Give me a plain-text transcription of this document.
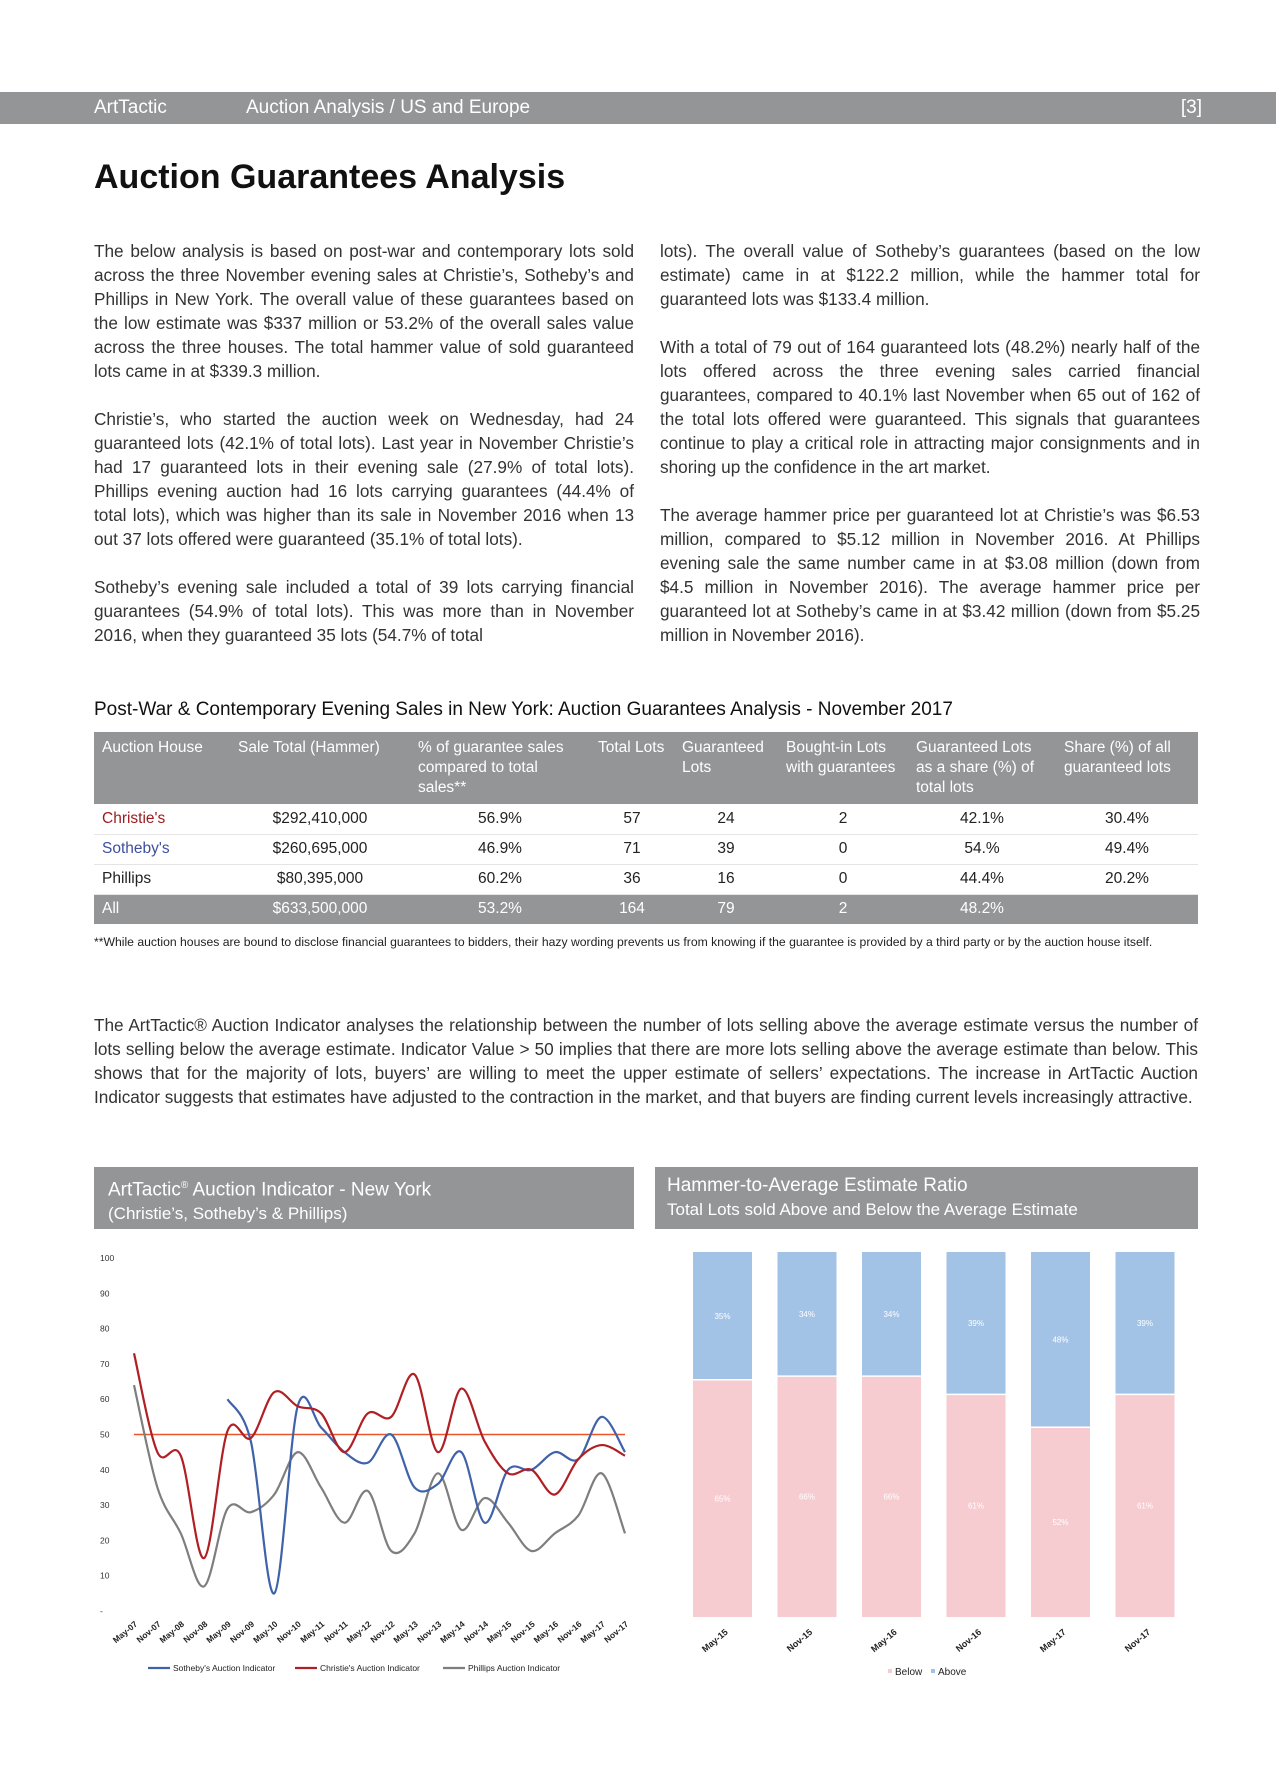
ArtTactic	Auction Analysis / US and Europe	[3]
Auction Guarantees Analysis

The below analysis is based on post-war and contemporary lots sold across the three November evening sales at Christie’s, Sotheby’s and Phillips in New York. The overall value of these guarantees based on the low estimate was $337 million or 53.2% of the overall sales value across the three houses. The total hammer value of sold guaranteed lots came in at $339.3 million.

Christie’s, who started the auction week on Wednesday, had 24 guaranteed lots (42.1% of total lots). Last year in November Christie’s had 17 guaranteed lots in their evening sale (27.9% of total lots). Phillips evening auction had 16 lots carrying guarantees (44.4% of total lots), which was higher than its sale in November 2016 when 13 out 37 lots offered were guaranteed (35.1% of total lots).

Sotheby’s evening sale included a total of 39 lots carrying financial guarantees (54.9% of total lots). This was more than in November 2016, when they guaranteed 35 lots (54.7% of total

lots). The overall value of Sotheby’s guarantees (based on the low estimate) came in at $122.2 million, while the hammer total for guaranteed lots was $133.4 million.

With a total of 79 out of 164 guaranteed lots (48.2%) nearly half of the lots offered across the three evening sales carried financial guarantees, compared to 40.1% last November when 65 out of 162 of the total lots offered were guaranteed. This signals that guarantees continue to play a critical role in attracting major consignments and in shoring up the confidence in the art market.

The average hammer price per guaranteed lot at Christie’s was $6.53 million, compared to $5.12 million in November 2016. At Phillips evening sale the same number came in at $3.08 million (down from $4.5 million in November 2016). The average hammer price per guaranteed lot at Sotheby’s came in at $3.42 million (down from $5.25 million in November 2016).

Post-War & Contemporary Evening Sales in New York: Auction Guarantees Analysis - November 2017
Auction House	Sale Total (Hammer)	% of guarantee sales compared to total sales**	Total Lots	Guaranteed Lots	Bought-in Lots with guarantees	Guaranteed Lots as a share (%) of total lots	Share (%) of all guaranteed lots
Christie's	$292,410,000	56.9%	57	24	2	42.1%	30.4%
Sotheby's	$260,695,000	46.9%	71	39	0	54.%	49.4%
Phillips	$80,395,000	60.2%	36	16	0	44.4%	20.2%
All	$633,500,000	53.2%	164	79	2	48.2%	
**While auction houses are bound to disclose financial guarantees to bidders, their hazy wording prevents us from knowing if the guarantee is provided by a third party or by the auction house itself.

The ArtTactic® Auction Indicator analyses the relationship between the number of lots selling above the average estimate versus the number of lots selling below the average estimate. Indicator Value > 50 implies that there are more lots selling above the average estimate than below. This shows that for the majority of lots, buyers’ are willing to meet the upper estimate of sellers’ expectations. The increase in ArtTactic Auction Indicator suggests that estimates have adjusted to the contraction in the market, and that buyers are finding current levels increasingly attractive.

ArtTactic® Auction Indicator - New York
(Christie’s, Sotheby’s & Phillips)
Hammer-to-Average Estimate Ratio
Total Lots sold Above and Below the Average Estimate
-
10
20
30
40
50
60
70
80
90
100
May-07
Nov-07
May-08
Nov-08
May-09
Nov-09
May-10
Nov-10
May-11
Nov-11
May-12
Nov-12
May-13
Nov-13
May-14
Nov-14
May-15
Nov-15
May-16
Nov-16
May-17
Nov-17
Sotheby's Auction Indicator	Christie's Auction Indicator	Phillips Auction Indicator
65%
35%
May-15
66%
34%
Nov-15
66%
34%
May-16
61%
39%
Nov-16
52%
48%
May-17
61%
39%
Nov-17
Below Above
